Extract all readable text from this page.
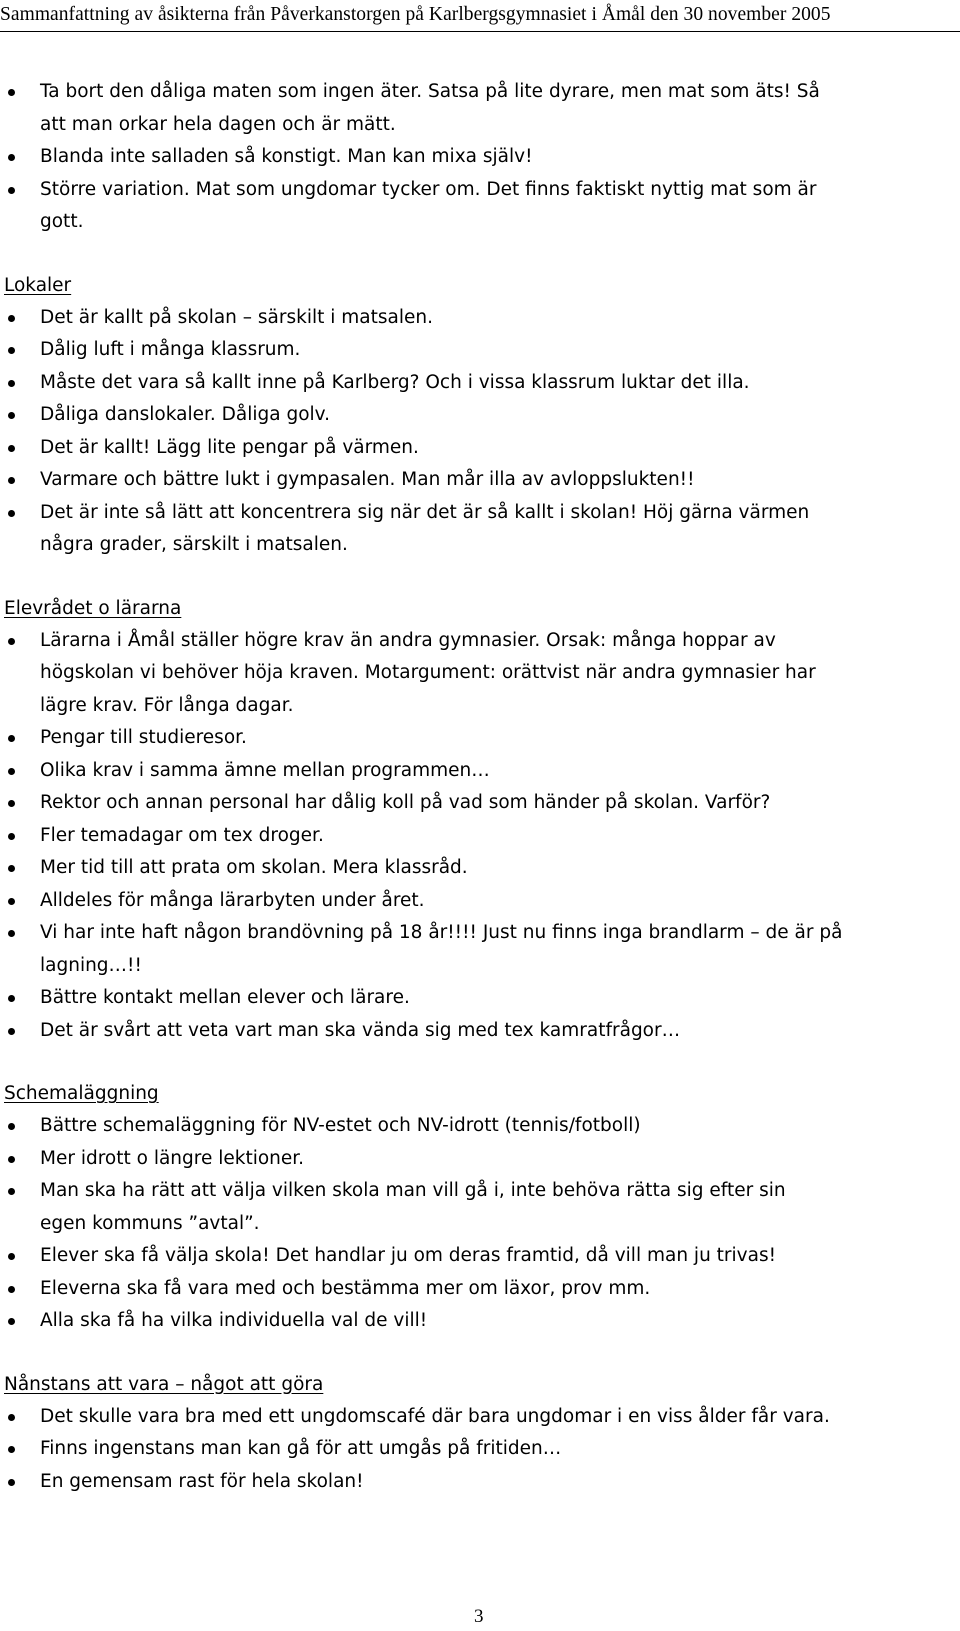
Sammanfattning av åsikterna från Påverkanstorgen på Karlbergsgymnasiet i Åmål den 30 november 2005
Ta bort den dåliga maten som ingen äter. Satsa på lite dyrare, men mat som äts! Så
att man orkar hela dagen och är mätt.
Blanda inte salladen så konstigt. Man kan mixa själv!
Större variation. Mat som ungdomar tycker om. Det finns faktiskt nyttig mat som är
gott.
Lokaler
Det är kallt på skolan – särskilt i matsalen.
Dålig luft i många klassrum.
Måste det vara så kallt inne på Karlberg? Och i vissa klassrum luktar det illa.
Dåliga danslokaler. Dåliga golv.
Det är kallt! Lägg lite pengar på värmen.
Varmare och bättre lukt i gympasalen. Man mår illa av avloppslukten!!
Det är inte så lätt att koncentrera sig när det är så kallt i skolan! Höj gärna värmen
några grader, särskilt i matsalen.
Elevrådet o lärarna
Lärarna i Åmål ställer högre krav än andra gymnasier. Orsak: många hoppar av
högskolan vi behöver höja kraven. Motargument: orättvist när andra gymnasier har
lägre krav. För långa dagar.
Pengar till studieresor.
Olika krav i samma ämne mellan programmen…
Rektor och annan personal har dålig koll på vad som händer på skolan. Varför?
Fler temadagar om tex droger.
Mer tid till att prata om skolan. Mera klassråd.
Alldeles för många lärarbyten under året.
Vi har inte haft någon brandövning på 18 år!!!! Just nu finns inga brandlarm – de är på
lagning…!!
Bättre kontakt mellan elever och lärare.
Det är svårt att veta vart man ska vända sig med tex kamratfrågor…
Schemaläggning
Bättre schemaläggning för NV-estet och NV-idrott (tennis/fotboll)
Mer idrott o längre lektioner.
Man ska ha rätt att välja vilken skola man vill gå i, inte behöva rätta sig efter sin
egen kommuns ”avtal”.
Elever ska få välja skola! Det handlar ju om deras framtid, då vill man ju trivas!
Eleverna ska få vara med och bestämma mer om läxor, prov mm.
Alla ska få ha vilka individuella val de vill!
Nånstans att vara – något att göra
Det skulle vara bra med ett ungdomscafé där bara ungdomar i en viss ålder får vara.
Finns ingenstans man kan gå för att umgås på fritiden…
En gemensam rast för hela skolan!
3
